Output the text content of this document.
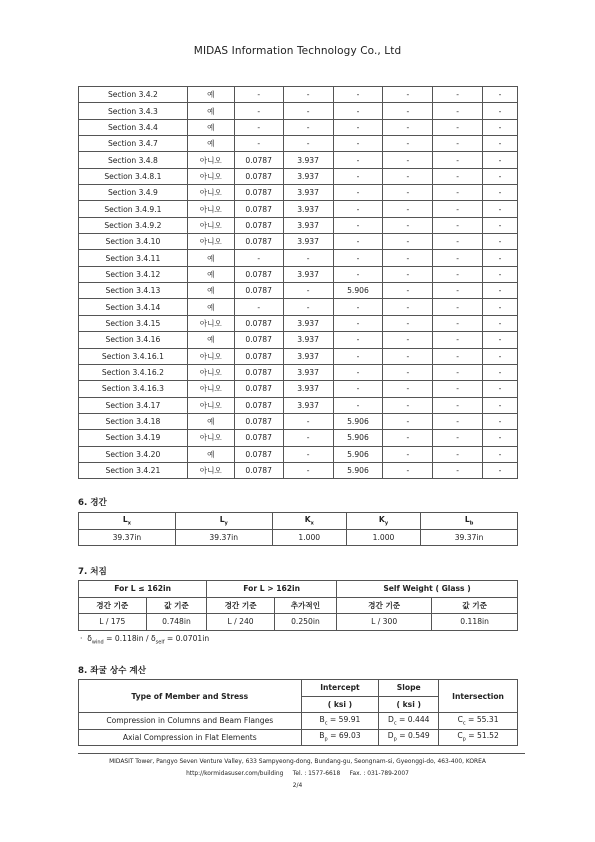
MIDAS Information Technology Co., Ltd
Section 3.4.2	예	-	-	-	-	-	-
Section 3.4.3	예	-	-	-	-	-	-
Section 3.4.4	예	-	-	-	-	-	-
Section 3.4.7	예	-	-	-	-	-	-
Section 3.4.8	아니오	0.0787	3.937	-	-	-	-
Section 3.4.8.1	아니오	0.0787	3.937	-	-	-	-
Section 3.4.9	아니오	0.0787	3.937	-	-	-	-
Section 3.4.9.1	아니오	0.0787	3.937	-	-	-	-
Section 3.4.9.2	아니오	0.0787	3.937	-	-	-	-
Section 3.4.10	아니오	0.0787	3.937	-	-	-	-
Section 3.4.11	예	-	-	-	-	-	-
Section 3.4.12	예	0.0787	3.937	-	-	-	-
Section 3.4.13	예	0.0787	-	5.906	-	-	-
Section 3.4.14	예	-	-	-	-	-	-
Section 3.4.15	아니오	0.0787	3.937	-	-	-	-
Section 3.4.16	예	0.0787	3.937	-	-	-	-
Section 3.4.16.1	아니오	0.0787	3.937	-	-	-	-
Section 3.4.16.2	아니오	0.0787	3.937	-	-	-	-
Section 3.4.16.3	아니오	0.0787	3.937	-	-	-	-
Section 3.4.17	아니오	0.0787	3.937	-	-	-	-
Section 3.4.18	예	0.0787	-	5.906	-	-	-
Section 3.4.19	아니오	0.0787	-	5.906	-	-	-
Section 3.4.20	예	0.0787	-	5.906	-	-	-
Section 3.4.21	아니오	0.0787	-	5.906	-	-	-
6. 경간
$L_x$	$L_y$	$K_x$	$K_y$	$L_b$
39.37in	39.37in	1.000	1.000	39.37in
7. 처짐
For L ≤ 162in		For L > 162in		Self Weight ( Glass )	
경간 기준	값 기준	경간 기준	추가적인	경간 기준	값 기준
L / 175	0.748in	L / 240	0.250in	L / 300	0.118in
· $\delta_{wind} = 0.118in / \delta_{self} = 0.0701in$
8. 좌굴 상수 계산
Type of Member and Stress	Intercept	Slope	Intersection
	( ksi )	( ksi )	
Compression in Columns and Beam Flanges	$B_c = 59.91$	$D_c = 0.444$	$C_c = 55.31$
Axial Compression in Flat Elements	$B_p = 69.03$	$D_p = 0.549$	$C_p = 51.52$
MIDASIT Tower, Pangyo Seven Venture Valley, 633 Sampyeong-dong, Bundang-gu, Seongnam-si, Gyeonggi-do, 463-400, KOREA
http://kormidasuser.com/building     Tel. : 1577-6618     Fax. : 031-789-2007
2/4
